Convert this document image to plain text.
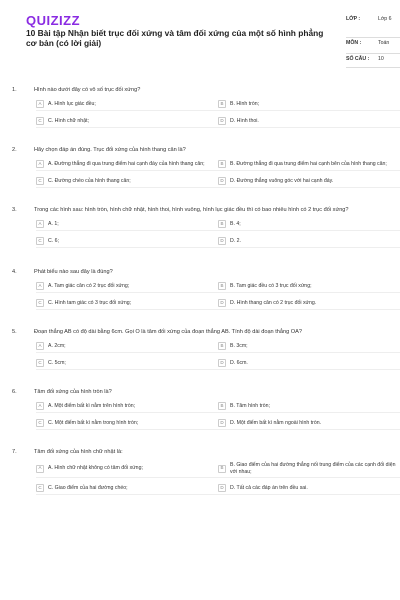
QUIZIZZ
10 Bài tập Nhận biết trục đối xứng và tâm đối xứng của một số hình phẳng cơ bản (có lời giải)
LỚP :	Lớp 6
MÔN :	Toán
SỐ CÂU :	10
1.	Hình nào dưới đây có vô số trục đối xứng?
A	A. Hình lục giác đều;	B	B. Hình tròn;
C	C. Hình chữ nhật;	D	D. Hình thoi.
2.	Hãy chọn đáp án đúng. Trục đối xứng của hình thang cân là?
A	A. Đường thẳng đi qua trung điểm hai cạnh đáy của hình thang cân;	B	B. Đường thẳng đi qua trung điểm hai cạnh bên của hình thang cân;
C	C. Đường chéo của hình thang cân;	D	D. Đường thẳng vuông góc với hai cạnh đáy.
3.	Trong các hình sau: hình tròn, hình chữ nhật, hình thoi, hình vuông, hình lục giác đều thì có bao nhiêu hình có 2 trục đối xứng?
A	A. 1;	B	B. 4;
C	C. 6;	D	D. 2.
4.	Phát biểu nào sau đây là đúng?
A	A. Tam giác cân có 2 trục đối xứng;	B	B. Tam giác đều có 3 trục đối xứng;
C	C. Hình tam giác có 3 trục đối xứng;	D	D. Hình thang cân có 2 trục đối xứng.
5.	Đoạn thẳng AB có độ dài bằng 6cm. Gọi O là tâm đối xứng của đoạn thẳng AB. Tính độ dài đoạn thẳng OA?
A	A. 2cm;	B	B. 3cm;
C	C. 5cm;	D	D. 6cm.
6.	Tâm đối xứng của hình tròn là?
A	A. Một điểm bất kì nằm trên hình tròn;	B	B. Tâm hình tròn;
C	C. Một điểm bất kì nằm trong hình tròn;	D	D. Một điểm bất kì nằm ngoài hình tròn.
7.	Tâm đối xứng của hình chữ nhật là:
A	A. Hình chữ nhật không có tâm đối xứng;	B	B. Giao điểm của hai đường thẳng nối trung điểm của các cạnh đối diện với nhau;
C	C. Giao điểm của hai đường chéo;	D	D. Tất cả các đáp án trên đều sai.
